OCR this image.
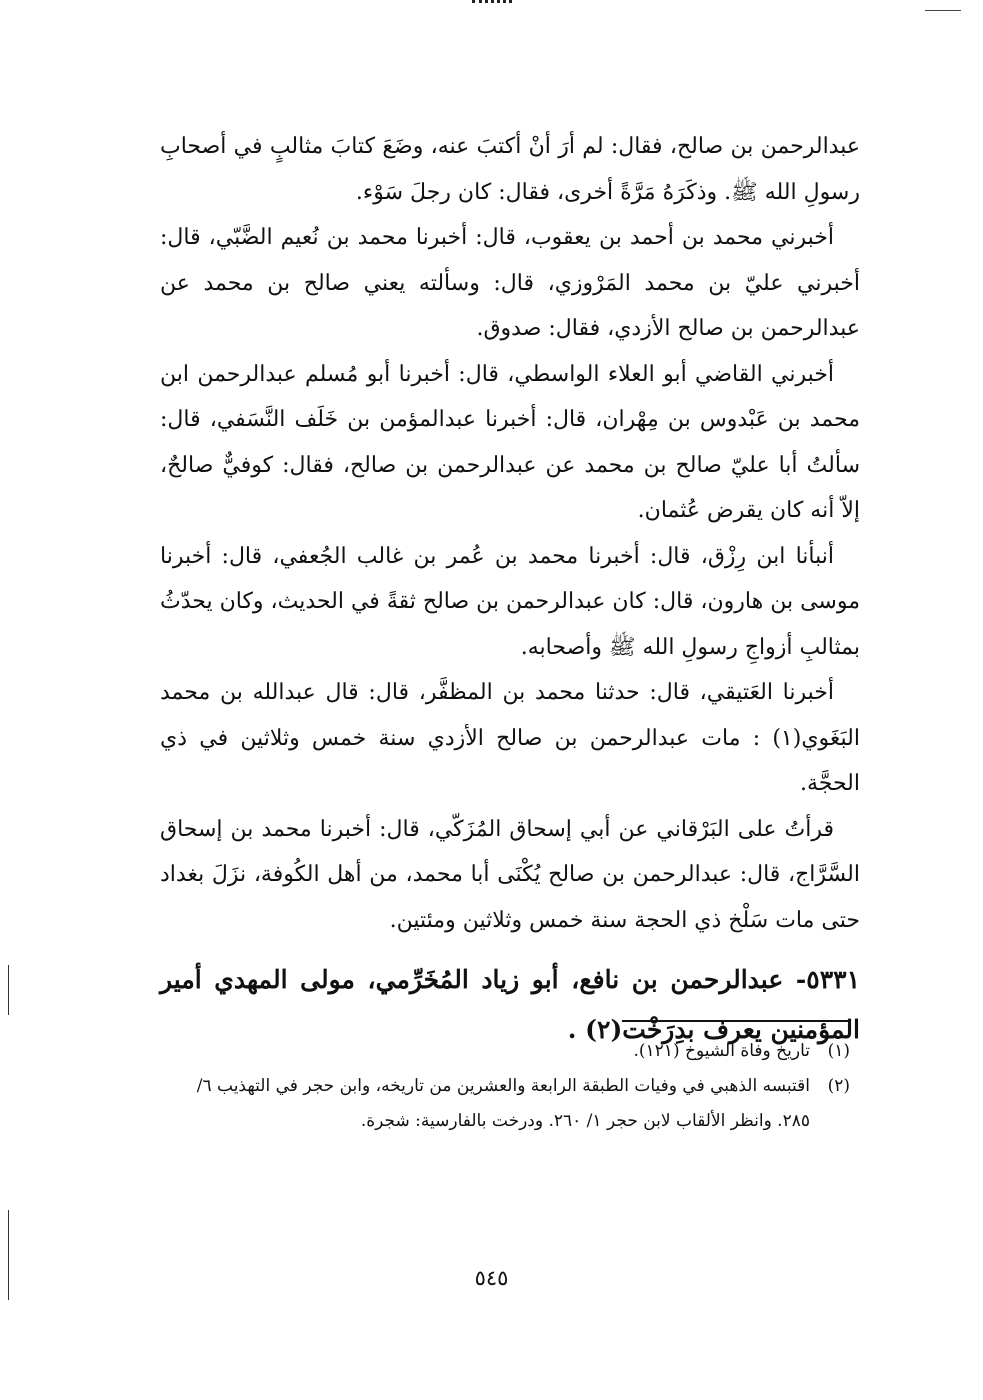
عبدالرحمن بن صالح، فقال: لم أرَ أنْ أكتبَ عنه، وضَعَ كتابَ مثالبٍ في أصحابِ رسولِ الله ﷺ. وذكَرَهُ مَرَّةً أخرى، فقال: كان رجلَ سَوْء.

أخبرني محمد بن أحمد بن يعقوب، قال: أخبرنا محمد بن نُعيم الضَّبّي، قال: أخبرني عليّ بن محمد المَرْوزي، قال: وسألته يعني صالح بن محمد عن عبدالرحمن بن صالح الأزدي، فقال: صدوق.

أخبرني القاضي أبو العلاء الواسطي، قال: أخبرنا أبو مُسلم عبدالرحمن ابن محمد بن عَبْدوس بن مِهْران، قال: أخبرنا عبدالمؤمن بن خَلَف النَّسَفي، قال: سألتُ أبا عليّ صالح بن محمد عن عبدالرحمن بن صالح، فقال: كوفيٌّ صالحٌ، إلاّ أنه كان يقرض عُثمان.

أنبأنا ابن رِزْق، قال: أخبرنا محمد بن عُمر بن غالب الجُعفي، قال: أخبرنا موسى بن هارون، قال: كان عبدالرحمن بن صالح ثقةً في الحديث، وكان يحدّثُ بمثالبِ أزواجِ رسولِ الله ﷺ وأصحابه.

أخبرنا العَتيقي، قال: حدثنا محمد بن المظفَّر، قال: قال عبدالله بن محمد البَغَوي(١) : مات عبدالرحمن بن صالح الأزدي سنة خمس وثلاثين في ذي الحجَّة.

قرأتُ على البَرْقاني عن أبي إسحاق المُزَكّي، قال: أخبرنا محمد بن إسحاق السَّرَّاج، قال: عبدالرحمن بن صالح يُكْنَى أبا محمد، من أهل الكُوفة، نزَلَ بغداد حتى مات سَلْخ ذي الحجة سنة خمس وثلاثين ومئتين.

٥٣٣١- عبدالرحمن بن نافع، أبو زياد المُخَرِّمي، مولى المهدي أمير المؤمنين يعرف بدِرَخْت(٢) .

(١)
تاريخ وفاة الشيوخ (١٢١).

(٢)
اقتبسه الذهبي في وفيات الطبقة الرابعة والعشرين من تاريخه، وابن حجر في التهذيب ٦/ ٢٨٥. وانظر الألقاب لابن حجر ١/ ٢٦٠. ودرخت بالفارسية: شجرة.

٥٤٥
